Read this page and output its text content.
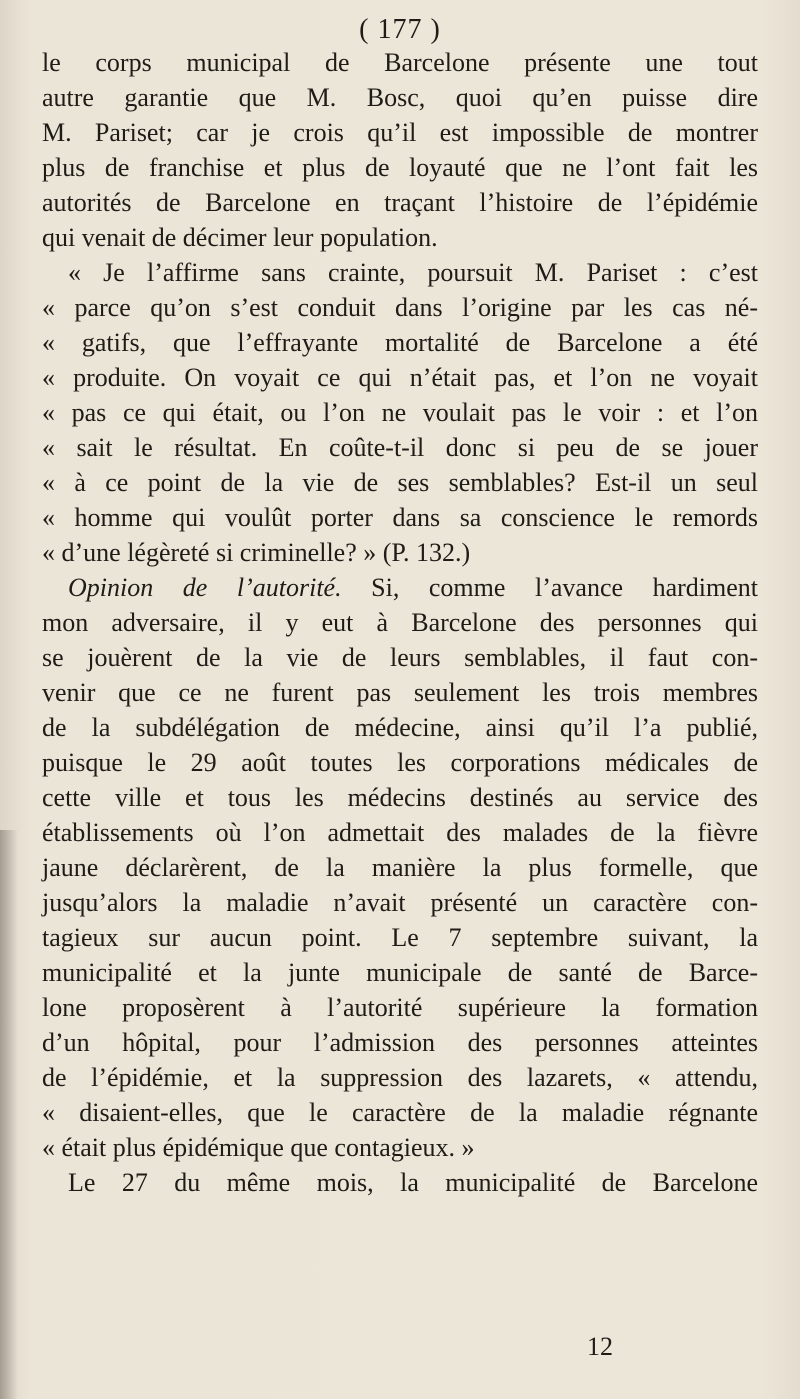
( 177 )
le corps municipal de Barcelone présente une tout
autre garantie que M. Bosc, quoi qu’en puisse dire
M. Pariset; car je crois qu’il est impossible de montrer
plus de franchise et plus de loyauté que ne l’ont fait les
autorités de Barcelone en traçant l’histoire de l’épidémie
qui venait de décimer leur population.
« Je l’affirme sans crainte, poursuit M. Pariset : c’est
« parce qu’on s’est conduit dans l’origine par les cas né-
« gatifs, que l’effrayante mortalité de Barcelone a été
« produite. On voyait ce qui n’était pas, et l’on ne voyait
« pas ce qui était, ou l’on ne voulait pas le voir : et l’on
« sait le résultat. En coûte-t-il donc si peu de se jouer
« à ce point de la vie de ses semblables? Est-il un seul
« homme qui voulût porter dans sa conscience le remords
« d’une légèreté si criminelle? » (P. 132.)
Opinion de l’autorité. Si, comme l’avance hardiment
mon adversaire, il y eut à Barcelone des personnes qui
se jouèrent de la vie de leurs semblables, il faut con-
venir que ce ne furent pas seulement les trois membres
de la subdélégation de médecine, ainsi qu’il l’a publié,
puisque le 29 août toutes les corporations médicales de
cette ville et tous les médecins destinés au service des
établissements où l’on admettait des malades de la fièvre
jaune déclarèrent, de la manière la plus formelle, que
jusqu’alors la maladie n’avait présenté un caractère con-
tagieux sur aucun point. Le 7 septembre suivant, la
municipalité et la junte municipale de santé de Barce-
lone proposèrent à l’autorité supérieure la formation
d’un hôpital, pour l’admission des personnes atteintes
de l’épidémie, et la suppression des lazarets, « attendu,
« disaient-elles, que le caractère de la maladie régnante
« était plus épidémique que contagieux. »
Le 27 du même mois, la municipalité de Barcelone
12
